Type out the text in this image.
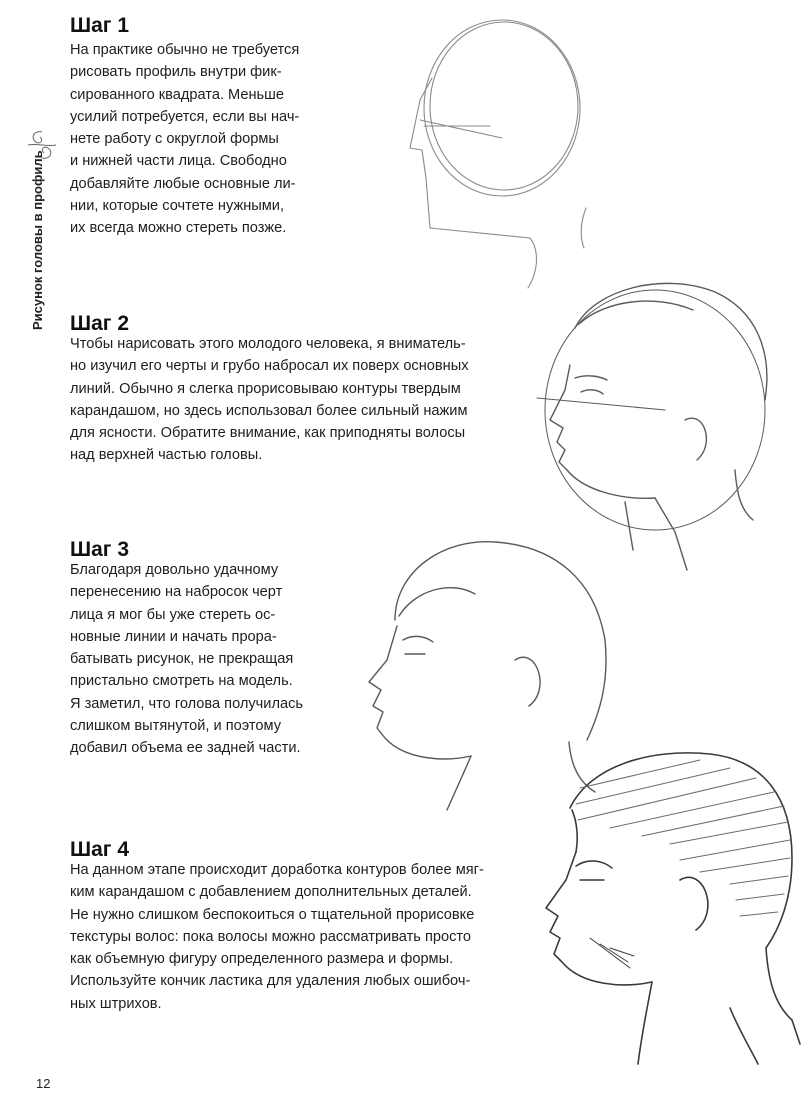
Рисунок головы в профиль
Шаг 1
На практике обычно не требуется
рисовать профиль внутри фик-
сированного квадрата. Меньше
усилий потребуется, если вы нач-
нете работу с округлой формы
и нижней части лица. Свободно
добавляйте любые основные ли-
нии, которые сочтете нужными,
их всегда можно стереть позже.
Шаг 2
Чтобы нарисовать этого молодого человека, я вниматель-
но изучил его черты и грубо набросал их поверх основных
линий. Обычно я слегка прорисовываю контуры твердым
карандашом, но здесь использовал более сильный нажим
для ясности. Обратите внимание, как приподняты волосы
над верхней частью головы.
Шаг 3
Благодаря довольно удачному
перенесению на набросок черт
лица я мог бы уже стереть ос-
новные линии и начать прора-
батывать рисунок, не прекращая
пристально смотреть на модель.
Я заметил, что голова получилась
слишком вытянутой, и поэтому
добавил объема ее задней части.
Шаг 4
На данном этапе происходит доработка контуров более мяг-
ким карандашом с добавлением дополнительных деталей.
Не нужно слишком беспокоиться о тщательной прорисовке
текстуры волос: пока волосы можно рассматривать просто
как объемную фигуру определенного размера и формы.
Используйте кончик ластика для удаления любых ошибоч-
ных штрихов.
12
